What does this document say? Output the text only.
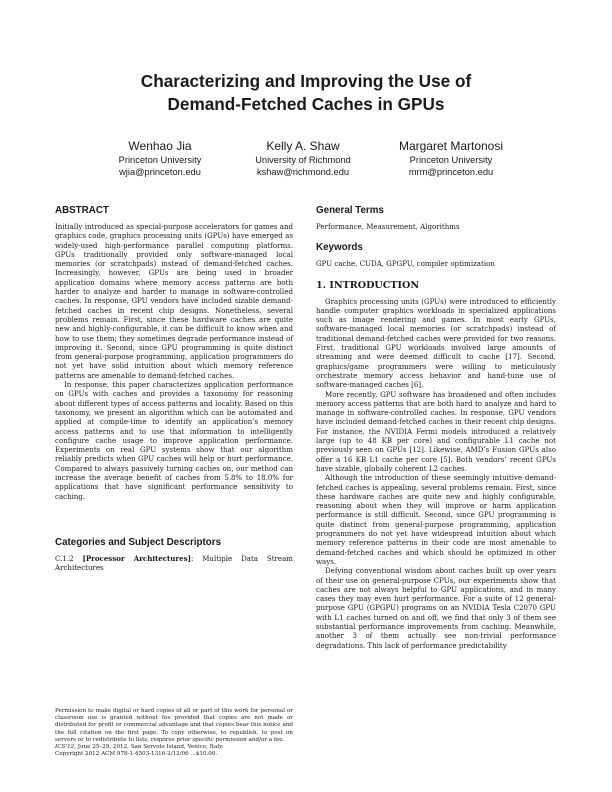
Characterizing and Improving the Use of
Demand-Fetched Caches in GPUs
Wenhao Jia
Princeton University
wjia@princeton.edu
Kelly A. Shaw
University of Richmond
kshaw@richmond.edu
Margaret Martonosi
Princeton University
mrm@princeton.edu
ABSTRACT

Initially introduced as special-purpose accelerators for games and graphics code, graphics processing units (GPUs) have emerged as widely-used high-performance parallel computing platforms. GPUs traditionally provided only software-managed local memories (or scratchpads) instead of demand-fetched caches. Increasingly, however, GPUs are being used in broader application domains where memory access patterns are both harder to analyze and harder to manage in software-controlled caches. In response, GPU vendors have included sizable demand-fetched caches in recent chip designs. Nonetheless, several problems remain. First, since these hardware caches are quite new and highly-configurable, it can be difficult to know when and how to use them; they sometimes degrade performance instead of improving it. Second, since GPU programming is quite distinct from general-purpose programming, application programmers do not yet have solid intuition about which memory reference patterns are amenable to demand-fetched caches.

In response, this paper characterizes application performance on GPUs with caches and provides a taxonomy for reasoning about different types of access patterns and locality. Based on this taxonomy, we present an algorithm which can be automated and applied at compile-time to identify an application’s memory access patterns and to use that information to intelligently configure cache usage to improve application performance. Experiments on real GPU systems show that our algorithm reliably predicts when GPU caches will help or hurt performance. Compared to always passively turning caches on, our method can increase the average benefit of caches from 5.8% to 18.0% for applications that have significant performance sensitivity to caching.

Categories and Subject Descriptors

C.1.2 [Processor Architectures]: Multiple Data Stream Architectures

Permission to make digital or hard copies of all or part of this work for personal or classroom use is granted without fee provided that copies are not made or distributed for profit or commercial advantage and that copies bear this notice and the full citation on the first page. To copy otherwise, to republish, to post on servers or to redistribute to lists, requires prior specific permission and/or a fee.

ICS’12, June 25–29, 2012, San Servolo Island, Venice, Italy.

Copyright 2012 ACM 978-1-4503-1316-2/12/06 ...$10.00.

General Terms

Performance, Measurement, Algorithms

Keywords

GPU cache, CUDA, GPGPU, compiler optimization

1. INTRODUCTION

Graphics processing units (GPUs) were introduced to efficiently handle computer graphics workloads in specialized applications such as image rendering and games. In most early GPUs, software-managed local memories (or scratchpads) instead of traditional demand-fetched caches were provided for two reasons. First, traditional GPU workloads involved large amounts of streaming and were deemed difficult to cache [17]. Second, graphics/game programmers were willing to meticulously orchestrate memory access behavior and hand-tune use of software-managed caches [6].

More recently, GPU software has broadened and often includes memory access patterns that are both hard to analyze and hard to manage in software-controlled caches. In response, GPU vendors have included demand-fetched caches in their recent chip designs. For instance, the NVIDIA Fermi models introduced a relatively large (up to 48 KB per core) and configurable L1 cache not previously seen on GPUs [12]. Likewise, AMD’s Fusion GPUs also offer a 16 KB L1 cache per core [5]. Both vendors’ recent GPUs have sizable, globally coherent L2 caches.

Although the introduction of these seemingly intuitive demand-fetched caches is appealing, several problems remain. First, since these hardware caches are quite new and highly configurable, reasoning about when they will improve or harm application performance is still difficult. Second, since GPU programming is quite distinct from general-purpose programming, application programmers do not yet have widespread intuition about which memory reference patterns in their code are most amenable to demand-fetched caches and which should be optimized in other ways.

Defying conventional wisdom about caches built up over years of their use on general-purpose CPUs, our experiments show that caches are not always helpful to GPU applications, and in many cases they may even hurt performance. For a suite of 12 general-purpose GPU (GPGPU) programs on an NVIDIA Tesla C2070 GPU with L1 caches turned on and off, we find that only 3 of them see substantial performance improvements from caching. Meanwhile, another 3 of them actually see non-trivial performance degradations. This lack of performance predictability
